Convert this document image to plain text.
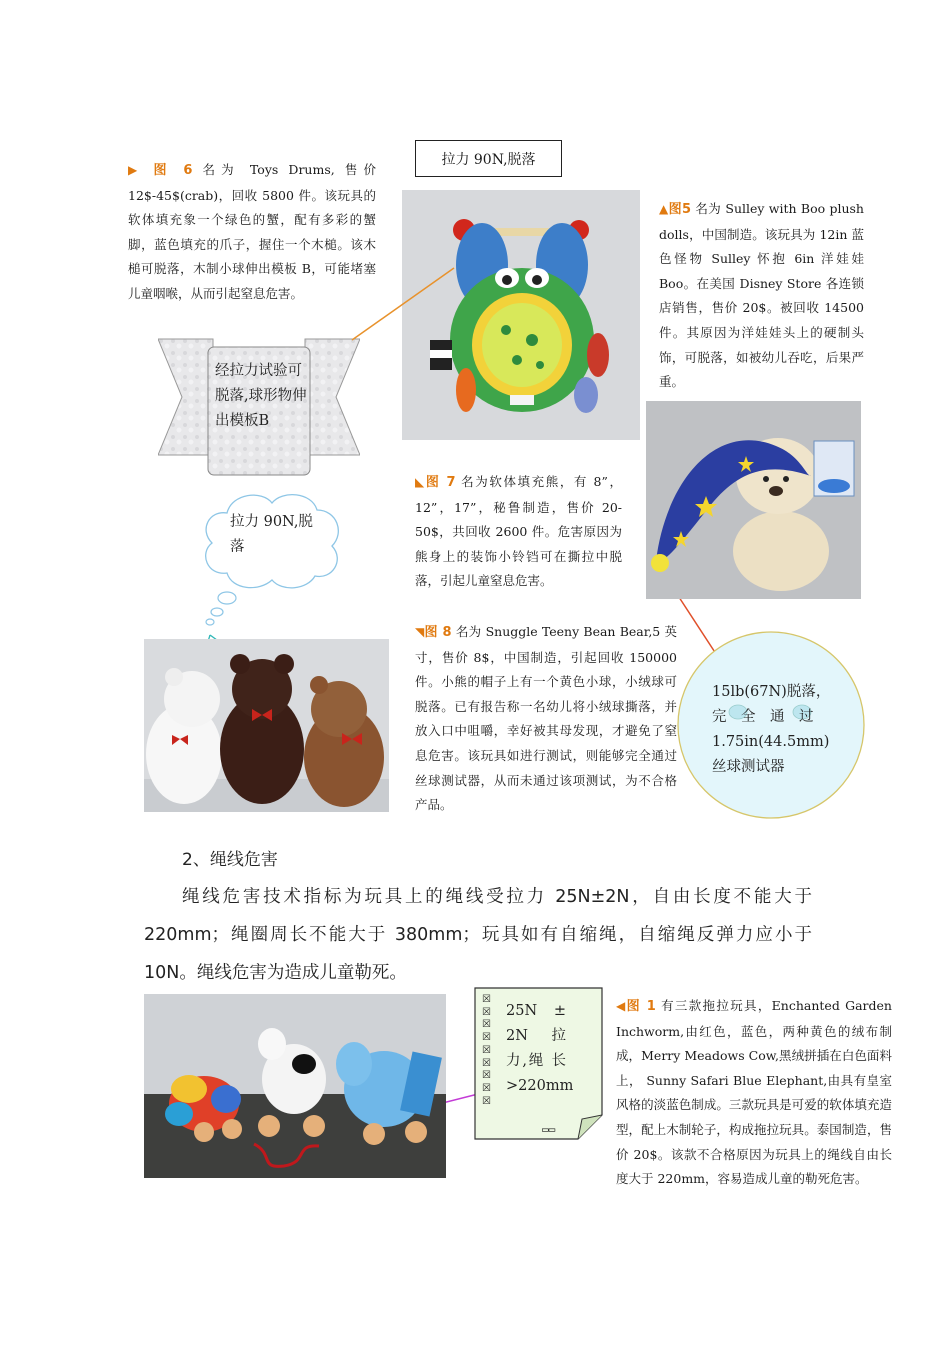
▶ 图 6 名为 Toys Drums, 售价 12$-45$(crab)，回收 5800 件。该玩具的软体填充象一个绿色的蟹，配有多彩的蟹脚，蓝色填充的爪子，握住一个木槌。该木槌可脱落，木制小球伸出模板 B，可能堵塞儿童咽喉，从而引起窒息危害。
拉力 90N,脱落
▲图5 名为 Sulley with Boo plush dolls，中国制造。该玩具为 12in 蓝色怪物 Sulley 怀抱 6in 洋娃娃 Boo。在美国 Disney Store 各连锁店销售，售价 20$。被回收 14500 件。其原因为洋娃娃头上的硬制头饰，可脱落，如被幼儿吞吃，后果严重。
经拉力试验可脱落,球形物伸出模板B
拉力 90N,脱落
◣图 7 名为软体填充熊，有 8”，12”，17”，秘鲁制造，售价 20-50$，共回收 2600 件。危害原因为熊身上的装饰小铃铛可在撕拉中脱落，引起儿童窒息危害。
◥图 8 名为 Snuggle Teeny Bean Bear,5 英寸，售价 8$，中国制造，引起回收 150000 件。小熊的帽子上有一个黄色小球，小绒球可脱落。已有报告称一名幼儿将小绒球撕落，并放入口中咀嚼，幸好被其母发现，才避免了窒息危害。该玩具如进行测试，则能够完全通过丝球测试器，从而未通过该项测试，为不合格产品。
15lb(67N)脱落，
完　全　通　过
1.75in(44.5mm)
丝球测试器
2、绳线危害
绳线危害技术指标为玩具上的绳线受拉力 25N±2N，自由长度不能大于 220mm；绳圈周长不能大于 380mm；玩具如有自缩绳，自缩绳反弹力应小于 10N。绳线危害为造成儿童勒死。
☒
☒
☒
☒
☒
☒
☒
☒
☒
25N ± 2N 拉力,绳 长 >220mm
▭▭
◀图 1 有三款拖拉玩具，Enchanted Garden Inchworm,由红色，蓝色，两种黄色的绒布制成，Merry Meadows Cow,黑绒拼插在白色面料上， Sunny Safari Blue Elephant,由具有皇室风格的淡蓝色制成。三款玩具是可爱的软体填充造型，配上木制轮子，构成拖拉玩具。泰国制造，售价 20$。该款不合格原因为玩具上的绳线自由长度大于 220mm，容易造成儿童的勒死危害。
